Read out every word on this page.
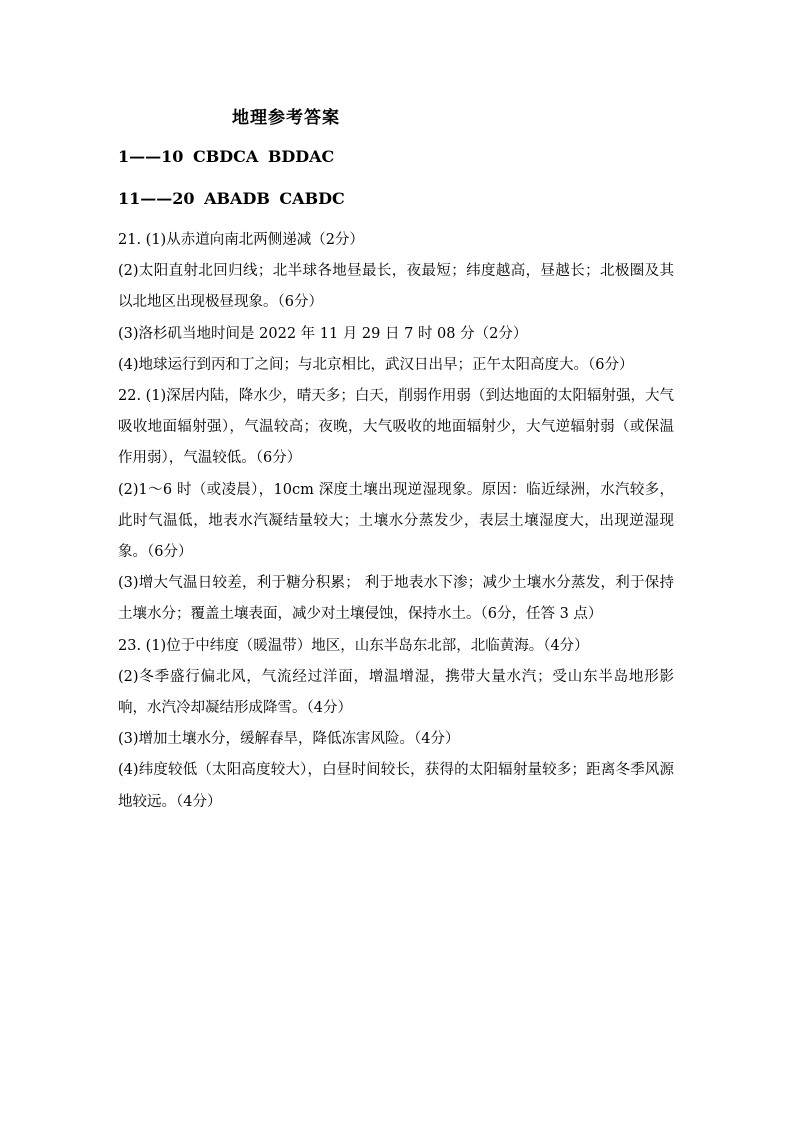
地理参考答案
1——10 CBDCA BDDAC
11——20 ABADB CABDC

21. (1)从赤道向南北两侧递减（2分）

(2)太阳直射北回归线；北半球各地昼最长，夜最短；纬度越高，昼越长；北极圈及其以北地区出现极昼现象。（6分）

(3)洛杉矶当地时间是 2022 年 11 月 29 日 7 时 08 分（2分）

(4)地球运行到丙和丁之间；与北京相比，武汉日出早；正午太阳高度大。（6分）

22. (1)深居内陆，降水少，晴天多；白天，削弱作用弱（到达地面的太阳辐射强，大气吸收地面辐射强），气温较高；夜晚，大气吸收的地面辐射少，大气逆辐射弱（或保温作用弱），气温较低。（6分）

(2)1～6 时（或凌晨），10cm 深度土壤出现逆湿现象。原因：临近绿洲，水汽较多，此时气温低，地表水汽凝结量较大；土壤水分蒸发少，表层土壤湿度大，出现逆湿现象。（6分）

(3)增大气温日较差，利于糖分积累； 利于地表水下渗；减少土壤水分蒸发，利于保持土壤水分；覆盖土壤表面，减少对土壤侵蚀，保持水土。（6分，任答 3 点）

23. (1)位于中纬度（暖温带）地区，山东半岛东北部，北临黄海。（4分）

(2)冬季盛行偏北风，气流经过洋面，增温增湿，携带大量水汽；受山东半岛地形影响，水汽冷却凝结形成降雪。（4分）

(3)增加土壤水分，缓解春旱，降低冻害风险。（4分）

(4)纬度较低（太阳高度较大），白昼时间较长，获得的太阳辐射量较多；距离冬季风源地较远。（4分）
